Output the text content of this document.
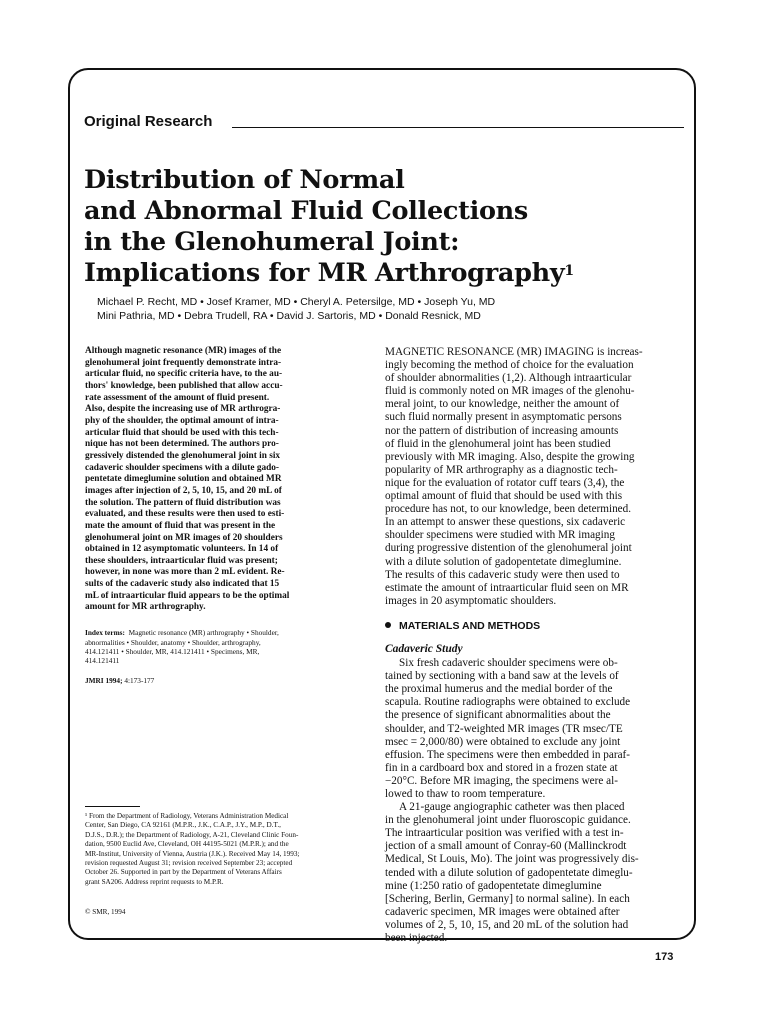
Original Research
Distribution of Normal
and Abnormal Fluid Collections
in the Glenohumeral Joint:
Implications for MR Arthrography$^1$
Michael P. Recht, MD • Josef Kramer, MD • Cheryl A. Petersilge, MD • Joseph Yu, MD
Mini Pathria, MD • Debra Trudell, RA • David J. Sartoris, MD • Donald Resnick, MD
Although magnetic resonance (MR) images of the
glenohumeral joint frequently demonstrate intra-
articular fluid, no specific criteria have, to the au-
thors' knowledge, been published that allow accu-
rate assessment of the amount of fluid present.
Also, despite the increasing use of MR arthrogra-
phy of the shoulder, the optimal amount of intra-
articular fluid that should be used with this tech-
nique has not been determined. The authors pro-
gressively distended the glenohumeral joint in six
cadaveric shoulder specimens with a dilute gado-
pentetate dimeglumine solution and obtained MR
images after injection of 2, 5, 10, 15, and 20 mL of
the solution. The pattern of fluid distribution was
evaluated, and these results were then used to esti-
mate the amount of fluid that was present in the
glenohumeral joint on MR images of 20 shoulders
obtained in 12 asymptomatic volunteers. In 14 of
these shoulders, intraarticular fluid was present;
however, in none was more than 2 mL evident. Re-
sults of the cadaveric study also indicated that 15
mL of intraarticular fluid appears to be the optimal
amount for MR arthrography.
Index terms: Magnetic resonance (MR) arthrography • Shoulder,
abnormalities • Shoulder, anatomy • Shoulder, arthrography,
414.121411 • Shoulder, MR, 414.121411 • Specimens, MR,
414.121411
JMRI 1994; 4:173-177
¹ From the Department of Radiology, Veterans Administration Medical
Center, San Diego, CA 92161 (M.P.R., J.K., C.A.P., J.Y., M.P., D.T.,
D.J.S., D.R.); the Department of Radiology, A-21, Cleveland Clinic Foun-
dation, 9500 Euclid Ave, Cleveland, OH 44195-5021 (M.P.R.); and the
MR-Institut, University of Vienna, Austria (J.K.). Received May 14, 1993;
revision requested August 31; revision received September 23; accepted
October 26. Supported in part by the Department of Veterans Affairs
grant SA206. Address reprint requests to M.P.R.
© SMR, 1994
MAGNETIC RESONANCE (MR) IMAGING is increas-
ingly becoming the method of choice for the evaluation
of shoulder abnormalities (1,2). Although intraarticular
fluid is commonly noted on MR images of the glenohu-
meral joint, to our knowledge, neither the amount of
such fluid normally present in asymptomatic persons
nor the pattern of distribution of increasing amounts
of fluid in the glenohumeral joint has been studied
previously with MR imaging. Also, despite the growing
popularity of MR arthrography as a diagnostic tech-
nique for the evaluation of rotator cuff tears (3,4), the
optimal amount of fluid that should be used with this
procedure has not, to our knowledge, been determined.
In an attempt to answer these questions, six cadaveric
shoulder specimens were studied with MR imaging
during progressive distention of the glenohumeral joint
with a dilute solution of gadopentetate dimeglumine.
The results of this cadaveric study were then used to
estimate the amount of intraarticular fluid seen on MR
images in 20 asymptomatic shoulders.
MATERIALS AND METHODS
Cadaveric Study
Six fresh cadaveric shoulder specimens were ob-
tained by sectioning with a band saw at the levels of
the proximal humerus and the medial border of the
scapula. Routine radiographs were obtained to exclude
the presence of significant abnormalities about the
shoulder, and T2-weighted MR images (TR msec/TE
msec = 2,000/80) were obtained to exclude any joint
effusion. The specimens were then embedded in paraf-
fin in a cardboard box and stored in a frozen state at
−20°C. Before MR imaging, the specimens were al-
lowed to thaw to room temperature.
A 21-gauge angiographic catheter was then placed
in the glenohumeral joint under fluoroscopic guidance.
The intraarticular position was verified with a test in-
jection of a small amount of Conray-60 (Mallinckrodt
Medical, St Louis, Mo). The joint was progressively dis-
tended with a dilute solution of gadopentetate dimeglu-
mine (1:250 ratio of gadopentetate dimeglumine
[Schering, Berlin, Germany] to normal saline). In each
cadaveric specimen, MR images were obtained after
volumes of 2, 5, 10, 15, and 20 mL of the solution had
been injected.
173
